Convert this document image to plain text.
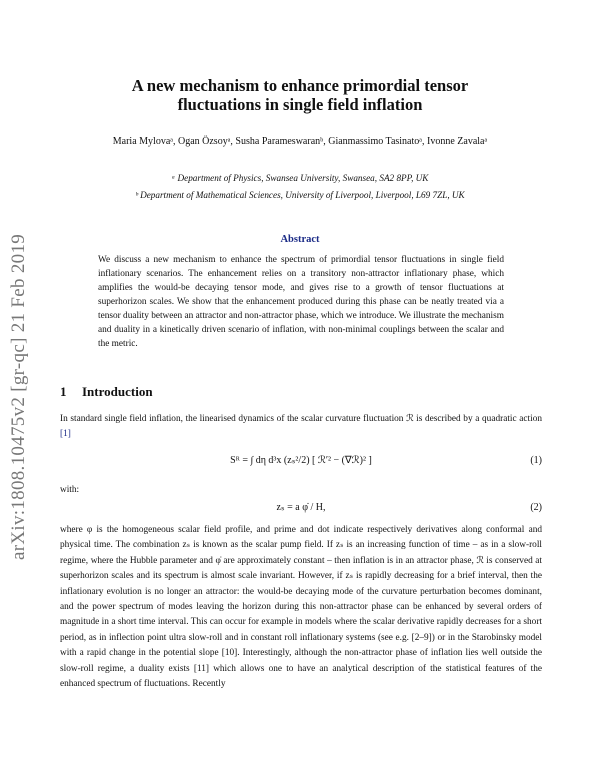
arXiv:1808.10475v2 [gr-qc] 21 Feb 2019
A new mechanism to enhance primordial tensor
fluctuations in single field inflation
Maria Mylovaᵃ, Ogan Özsoyᵃ, Susha Parameswaranᵇ, Gianmassimo Tasinatoᵃ, Ivonne Zavalaᵃ
ᵃ Department of Physics, Swansea University, Swansea, SA2 8PP, UK
ᵇ Department of Mathematical Sciences, University of Liverpool, Liverpool, L69 7ZL, UK
Abstract
We discuss a new mechanism to enhance the spectrum of primordial tensor fluctuations in single field inflationary scenarios. The enhancement relies on a transitory non-attractor inflationary phase, which amplifies the would-be decaying tensor mode, and gives rise to a growth of tensor fluctuations at superhorizon scales. We show that the enhancement produced during this phase can be neatly treated via a tensor duality between an attractor and non-attractor phase, which we introduce. We illustrate the mechanism and duality in a kinetically driven scenario of inflation, with non-minimal couplings between the scalar and the metric.
1 Introduction
In standard single field inflation, the linearised dynamics of the scalar curvature fluctuation ℛ is described by a quadratic action [1]
Sᴿ = ∫ dη d³x (zₛ²/2) [ ℛ′² − (∇ℛ)² ]	(1)
with:
zₛ = a φ̇ / H,	(2)
where φ is the homogeneous scalar field profile, and prime and dot indicate respectively derivatives along conformal and physical time. The combination zₛ is known as the scalar pump field. If zₛ is an increasing function of time – as in a slow-roll regime, where the Hubble parameter and φ̇ are approximately constant – then inflation is in an attractor phase, ℛ is conserved at superhorizon scales and its spectrum is almost scale invariant. However, if zₛ is rapidly decreasing for a brief interval, then the inflationary evolution is no longer an attractor: the would-be decaying mode of the curvature perturbation becomes dominant, and the power spectrum of modes leaving the horizon during this non-attractor phase can be enhanced by several orders of magnitude in a short time interval. This can occur for example in models where the scalar derivative rapidly decreases for a short period, as in inflection point ultra slow-roll and in constant roll inflationary systems (see e.g. [2–9]) or in the Starobinsky model with a rapid change in the potential slope [10]. Interestingly, although the non-attractor phase of inflation lies well outside the slow-roll regime, a duality exists [11] which allows one to have an analytical description of the statistical features of the enhanced spectrum of fluctuations. Recently
